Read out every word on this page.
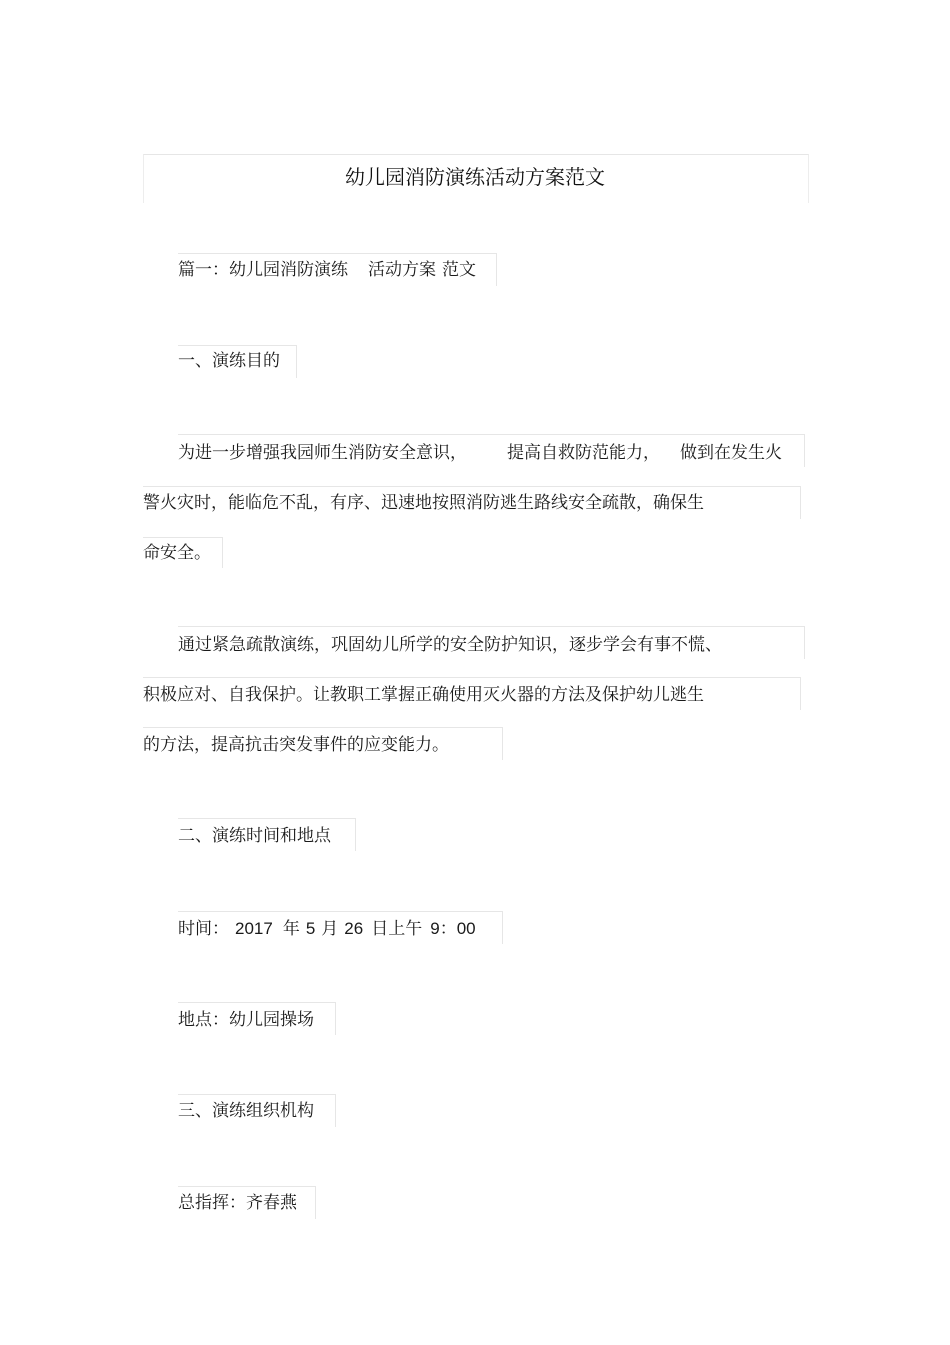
幼儿园消防演练活动方案范文
篇一：幼儿园消防演练 活动方案 范文
一、演练目的
为进一步增强我园师生消防安全意识， 提高自救防范能力， 做到在发生火
警火灾时，能临危不乱，有序、迅速地按照消防逃生路线安全疏散，确保生
命安全。
通过紧急疏散演练，巩固幼儿所学的安全防护知识，逐步学会有事不慌、
积极应对、自我保护。让教职工掌握正确使用灭火器的方法及保护幼儿逃生
的方法，提高抗击突发事件的应变能力。
二、演练时间和地点
时间： 2017 年 5 月 26 日上午 9：00
地点：幼儿园操场
三、演练组织机构
总指挥：齐春燕
